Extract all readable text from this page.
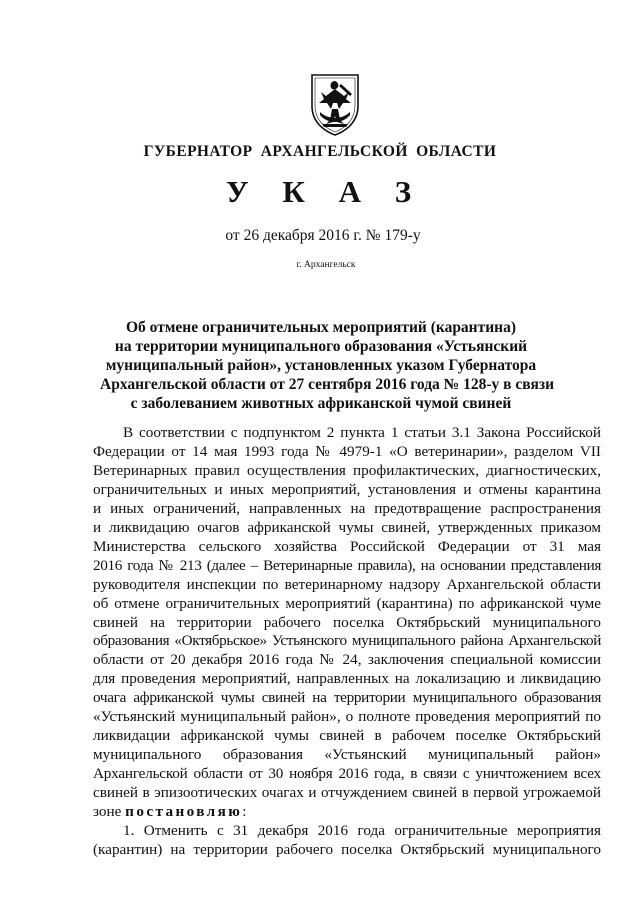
ГУБЕРНАТОР АРХАНГЕЛЬСКОЙ ОБЛАСТИ
У К А З
от 26 декабря 2016 г. № 179-у
г. Архангельск
Об отмене ограничительных мероприятий (карантина)
на территории муниципального образования «Устьянский
муниципальный район», установленных указом Губернатора
Архангельской области от 27 сентября 2016 года № 128-у в связи
с заболеванием животных африканской чумой свиней
В соответствии с подпунктом 2 пункта 1 статьи 3.1 Закона Российской
Федерации от 14 мая 1993 года № 4979-1 «О ветеринарии», разделом VII
Ветеринарных правил осуществления профилактических, диагностических,
ограничительных и иных мероприятий, установления и отмены карантина
и иных ограничений, направленных на предотвращение распространения
и ликвидацию очагов африканской чумы свиней, утвержденных приказом
Министерства сельского хозяйства Российской Федерации от 31 мая
2016 года № 213 (далее – Ветеринарные правила), на основании представления
руководителя инспекции по ветеринарному надзору Архангельской области
об отмене ограничительных мероприятий (карантина) по африканской чуме
свиней на территории рабочего поселка Октябрьский муниципального
образования «Октябрьское» Устьянского муниципального района Архангельской
области от 20 декабря 2016 года № 24, заключения специальной комиссии
для проведения мероприятий, направленных на локализацию и ликвидацию
очага африканской чумы свиней на территории муниципального образования
«Устьянский муниципальный район», о полноте проведения мероприятий по
ликвидации африканской чумы свиней в рабочем поселке Октябрьский
муниципального образования «Устьянский муниципальный район»
Архангельской области от 30 ноября 2016 года, в связи с уничтожением всех
свиней в эпизоотических очагах и отчуждением свиней в первой угрожаемой
зоне постановляю:
1. Отменить с 31 декабря 2016 года ограничительные мероприятия
(карантин) на территории рабочего поселка Октябрьский муниципального
